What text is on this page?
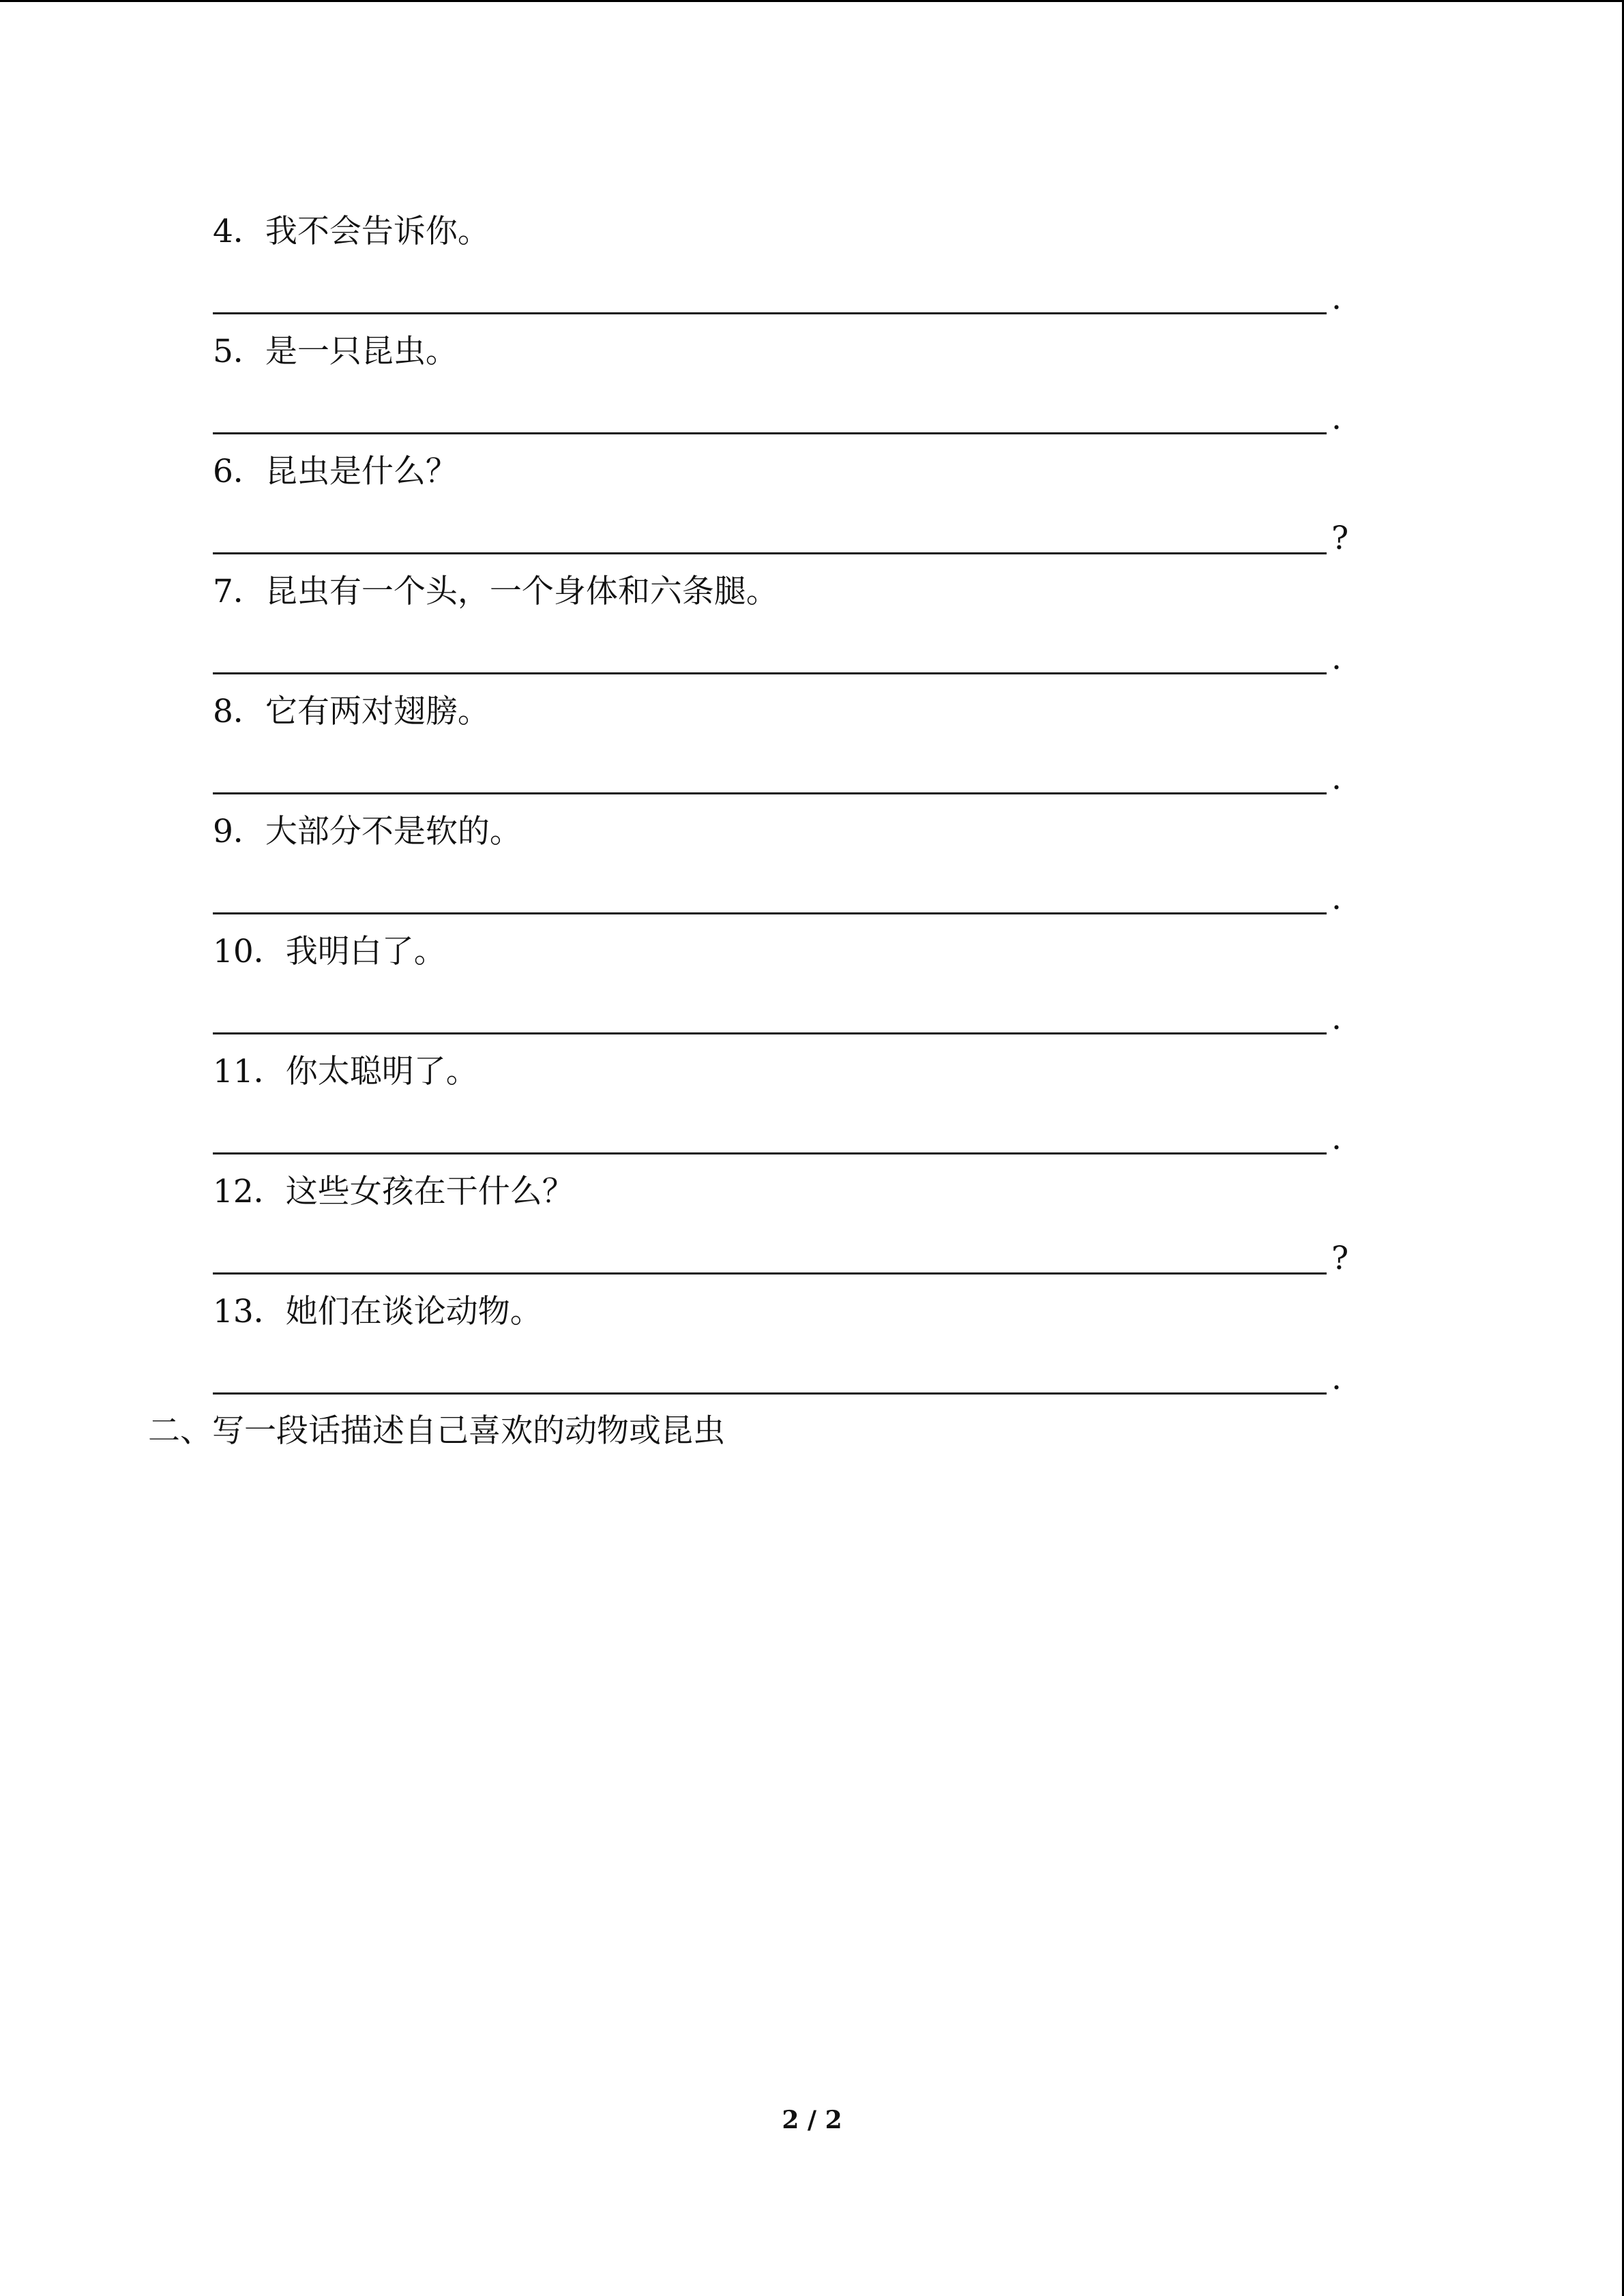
4．我不会告诉你。
.
5．是一只昆虫。
.
6．昆虫是什么？
?
7．昆虫有一个头，一个身体和六条腿。
.
8．它有两对翅膀。
.
9．大部分不是软的。
.
10．我明白了。
.
11．你太聪明了。
.
12．这些女孩在干什么？
?
13．她们在谈论动物。
.
二、写一段话描述自己喜欢的动物或昆虫
2 / 2
